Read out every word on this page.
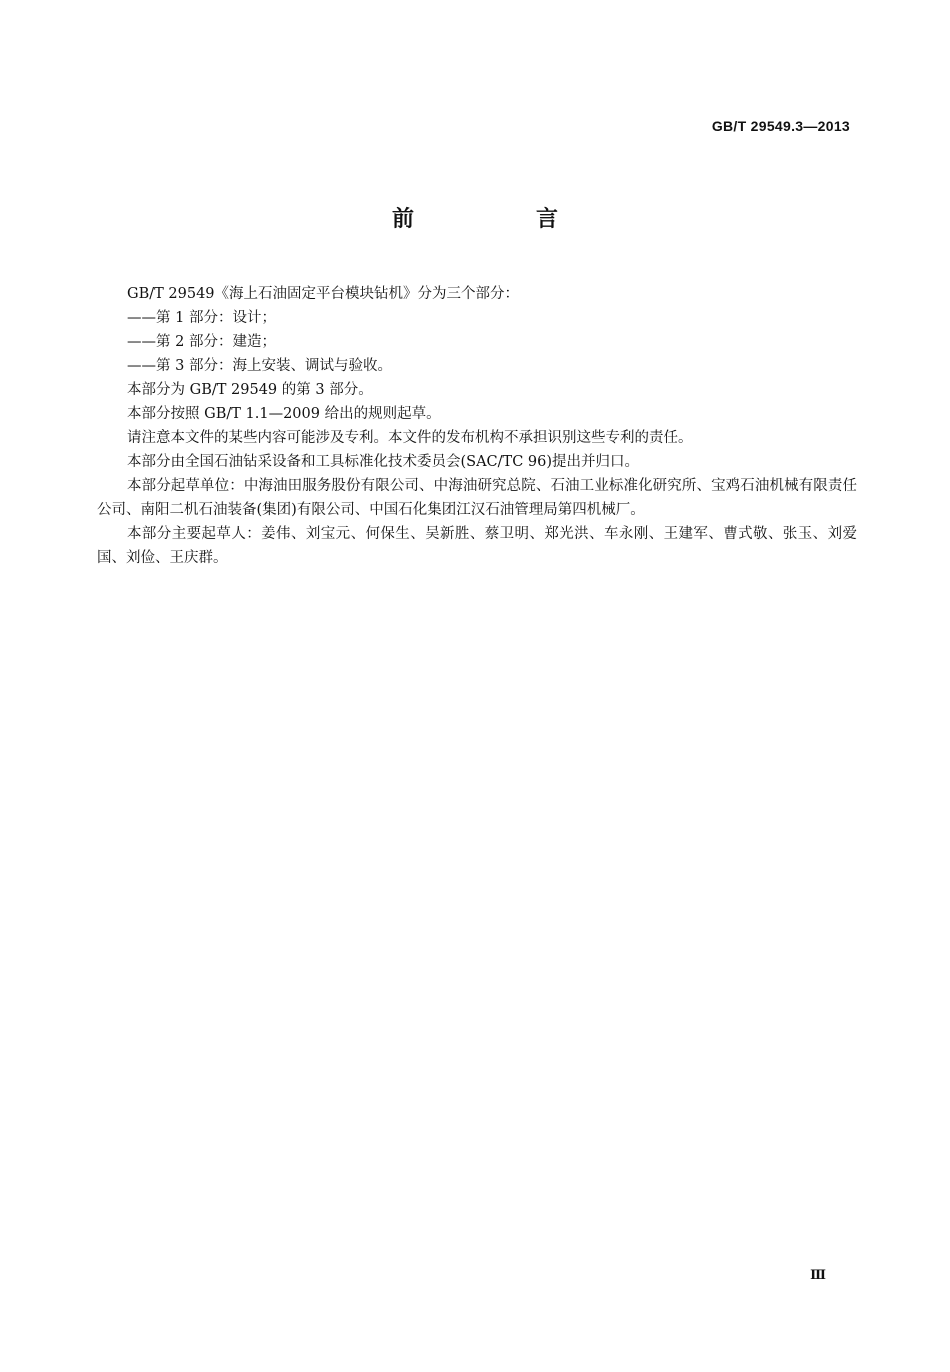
GB/T 29549.3—2013
前　言

GB/T 29549《海上石油固定平台模块钻机》分为三个部分：

——第 1 部分：设计；

——第 2 部分：建造；

——第 3 部分：海上安装、调试与验收。

本部分为 GB/T 29549 的第 3 部分。

本部分按照 GB/T 1.1—2009 给出的规则起草。

请注意本文件的某些内容可能涉及专利。本文件的发布机构不承担识别这些专利的责任。

本部分由全国石油钻采设备和工具标准化技术委员会(SAC/TC 96)提出并归口。

本部分起草单位：中海油田服务股份有限公司、中海油研究总院、石油工业标准化研究所、宝鸡石油机械有限责任公司、南阳二机石油装备(集团)有限公司、中国石化集团江汉石油管理局第四机械厂。

本部分主要起草人：姜伟、刘宝元、何保生、吴新胜、蔡卫明、郑光洪、车永刚、王建军、曹式敬、张玉、刘爱国、刘俭、王庆群。

Ⅲ
